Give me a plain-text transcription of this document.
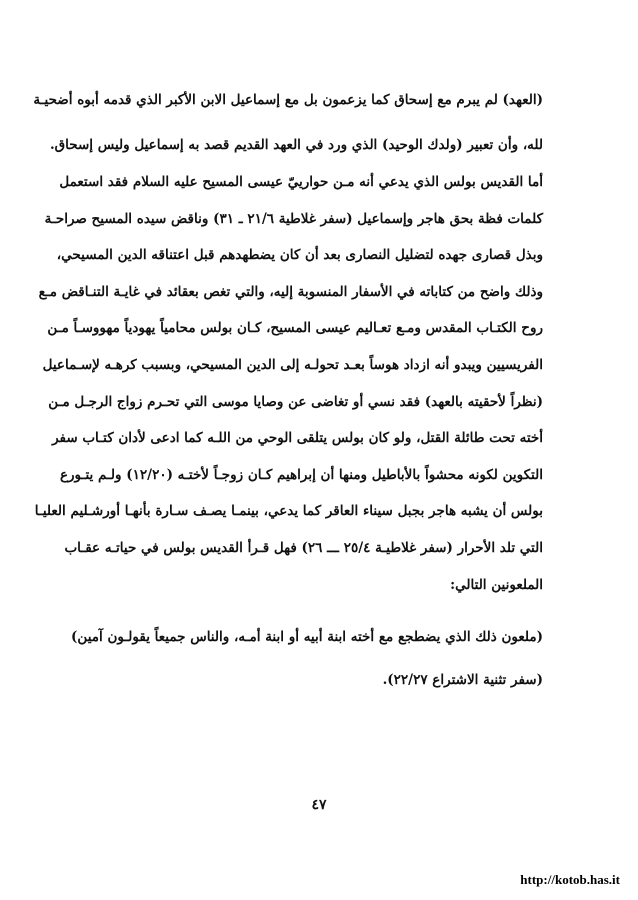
(العهد) لم يبرم مع إسحاق كما يزعمون بل مع إسماعيل الابن الأكبر الذي قدمه أبوه أضحيـة
لله، وأن تعبير (ولدك الوحيد) الذي ورد في العهد القديم قصد به إسماعيل وليس إسحاق.
أما القديس بولس الذي يدعي أنه مـن حوارييّ عيسى المسيح عليه السلام فقد استعمل
كلمات فظة بحق هاجر وإسماعيل (سفر غلاطية ٢١/٦ ـ ٣١) وناقض سيده المسيح صراحـة
وبذل قصارى جهده لتضليل النصارى بعد أن كان يضطهدهم قبل اعتناقه الدين المسيحي،
وذلك واضح من كتاباته في الأسفار المنسوبة إليه، والتي تغص بعقائد في غايـة التنـاقض مـع
روح الكتـاب المقدس ومـع تعـاليم عيسى المسيح، كـان بولس محامياً يهودياً مهووسـاً مـن
الفريسيين ويبدو أنه ازداد هوساً بعـد تحولـه إلى الدين المسيحي، وبسبب كرهـه لإسـماعيل
(نظراً لأحقيته بالعهد) فقد نسي أو تغاضى عن وصايا موسى التي تحـرم زواج الرجـل مـن
أخته تحت طائلة القتل، ولو كان بولس يتلقى الوحي من اللـه كما ادعى لأدان كتـاب سفر
التكوين لكونه محشواً بالأباطيل ومنها أن إبراهيم كـان زوجـاً لأختـه (١٢/٢٠) ولـم يتـورع
بولس أن يشبه هاجر بجبل سيناء العاقر كما يدعي، بينمـا يصـف سـارة بأنهـا أورشـليم العليـا
التي تلد الأحرار (سفر غلاطيـة ٢٥/٤ ـــ ٢٦) فهل قـرأ القديس بولس في حياتـه عقـاب
الملعونين التالي:
(ملعون ذلك الذي يضطجع مع أخته ابنة أبيه أو ابنة أمـه، والناس جميعاً يقولـون آمين)
(سفر تثنية الاشتراع ٢٢/٢٧).
٤٧
http://kotob.has.it
